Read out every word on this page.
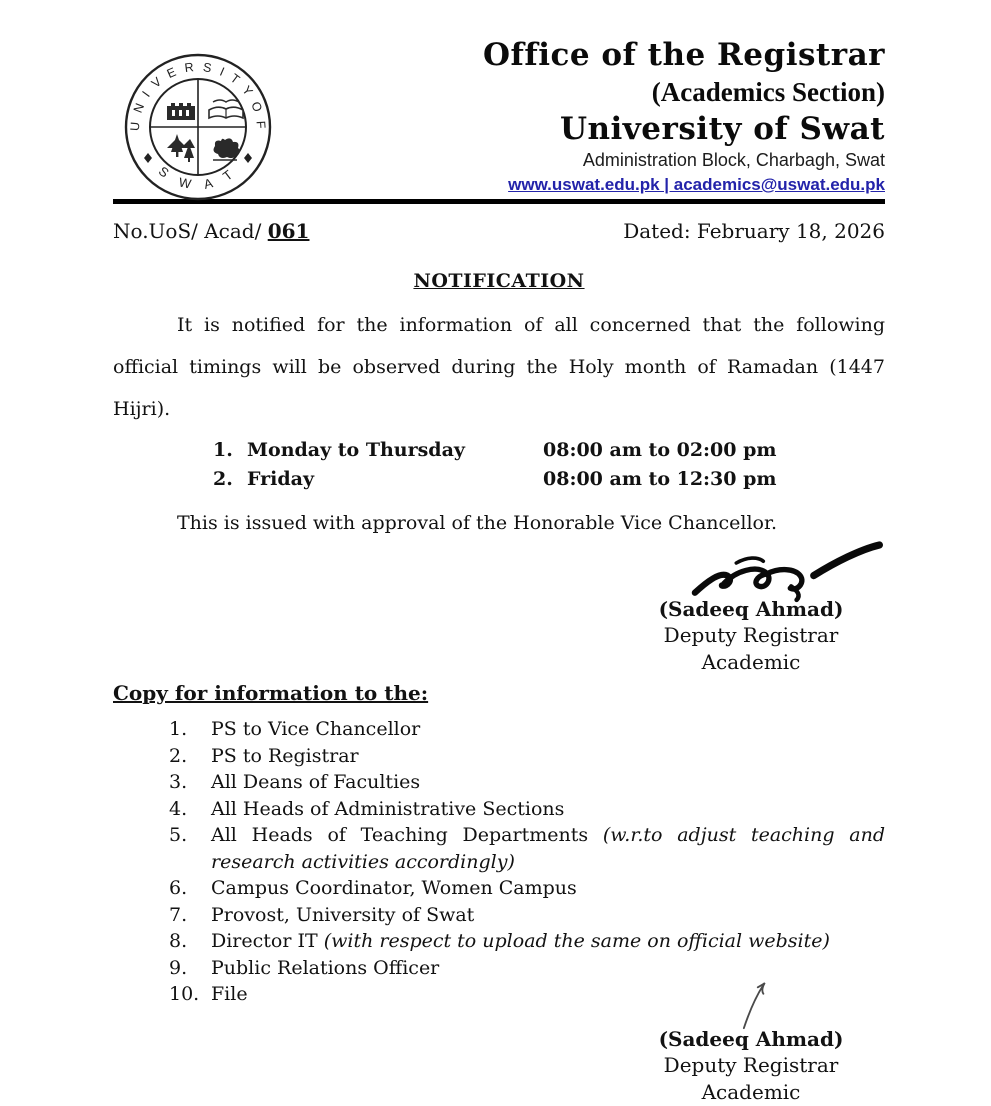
U N I V E R S I T Y O F
S W A T
Office of the Registrar
(Academics Section)
University of Swat
Administration Block, Charbagh, Swat
www.uswat.edu.pk | academics@uswat.edu.pk
No.UoS/ Acad/ 061	Dated: February 18, 2026
NOTIFICATION

It is notified for the information of all concerned that the following official timings will be observed during the Holy month of Ramadan (1447 Hijri).

1. Monday to Thursday	08:00 am to 02:00 pm
2. Friday	08:00 am to 12:30 pm

This is issued with approval of the Honorable Vice Chancellor.

(Sadeeq Ahmad)
Deputy Registrar Academic
Copy for information to the:
1.	PS to Vice Chancellor
2.	PS to Registrar
3.	All Deans of Faculties
4.	All Heads of Administrative Sections
5.	All Heads of Teaching Departments (w.r.to adjust teaching and research activities accordingly)
6.	Campus Coordinator, Women Campus
7.	Provost, University of Swat
8.	Director IT (with respect to upload the same on official website)
9.	Public Relations Officer
10. File
(Sadeeq Ahmad)
Deputy Registrar Academic
